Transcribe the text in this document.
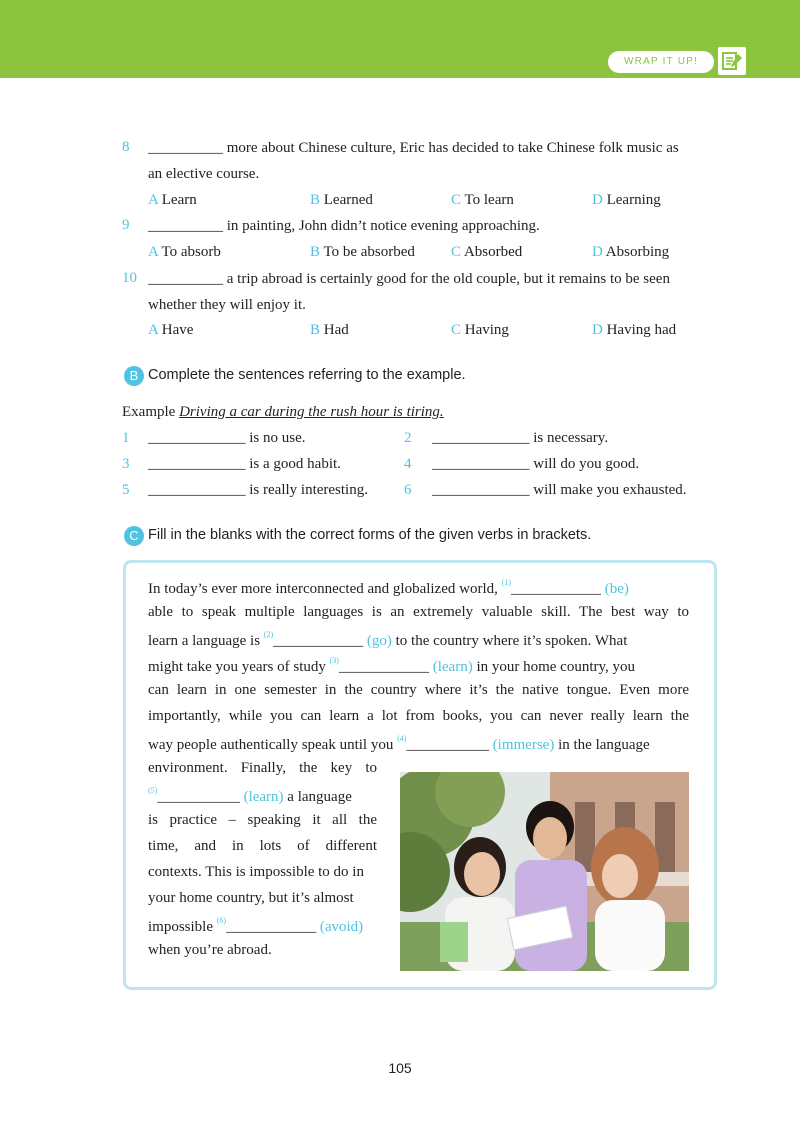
WRAP IT UP!
8 __________ more about Chinese culture, Eric has decided to take Chinese folk music as
an elective course.
A Learn	B Learned	C To learn	D Learning
9 __________ in painting, John didn’t notice evening approaching.
A To absorb	B To be absorbed C Absorbed	D Absorbing
10 __________ a trip abroad is certainly good for the old couple, but it remains to be seen
whether they will enjoy it.
A Have	B Had	C Having	D Having had
B Complete the sentences referring to the example.
Example Driving a car during the rush hour is tiring.
1 _____________ is no use.	2 _____________ is necessary.
3 _____________ is a good habit.	4 _____________ will do you good.
5 _____________ is really interesting. 6 _____________ will make you exhausted.
C Fill in the blanks with the correct forms of the given verbs in brackets.
In today’s ever more interconnected and globalized world, $^{(1)}$____________ (be)
able to speak multiple languages is an extremely valuable skill. The best way to
learn a language is $^{(2)}$____________ (go) to the country where it’s spoken. What
might take you years of study $^{(3)}$____________ (learn) in your home country, you
can learn in one semester in the country where it’s the native tongue. Even more
importantly, while you can learn a lot from books, you can never really learn the
way people authentically speak until you $^{(4)}$___________ (immerse) in the language
environment. Finally, the key to
$^{(5)}$___________ (learn) a language
is practice – speaking it all the
time, and in lots of different
contexts. This is impossible to do in
your home country, but it’s almost
impossible $^{(6)}$____________ (avoid)
when you’re abroad.
105
